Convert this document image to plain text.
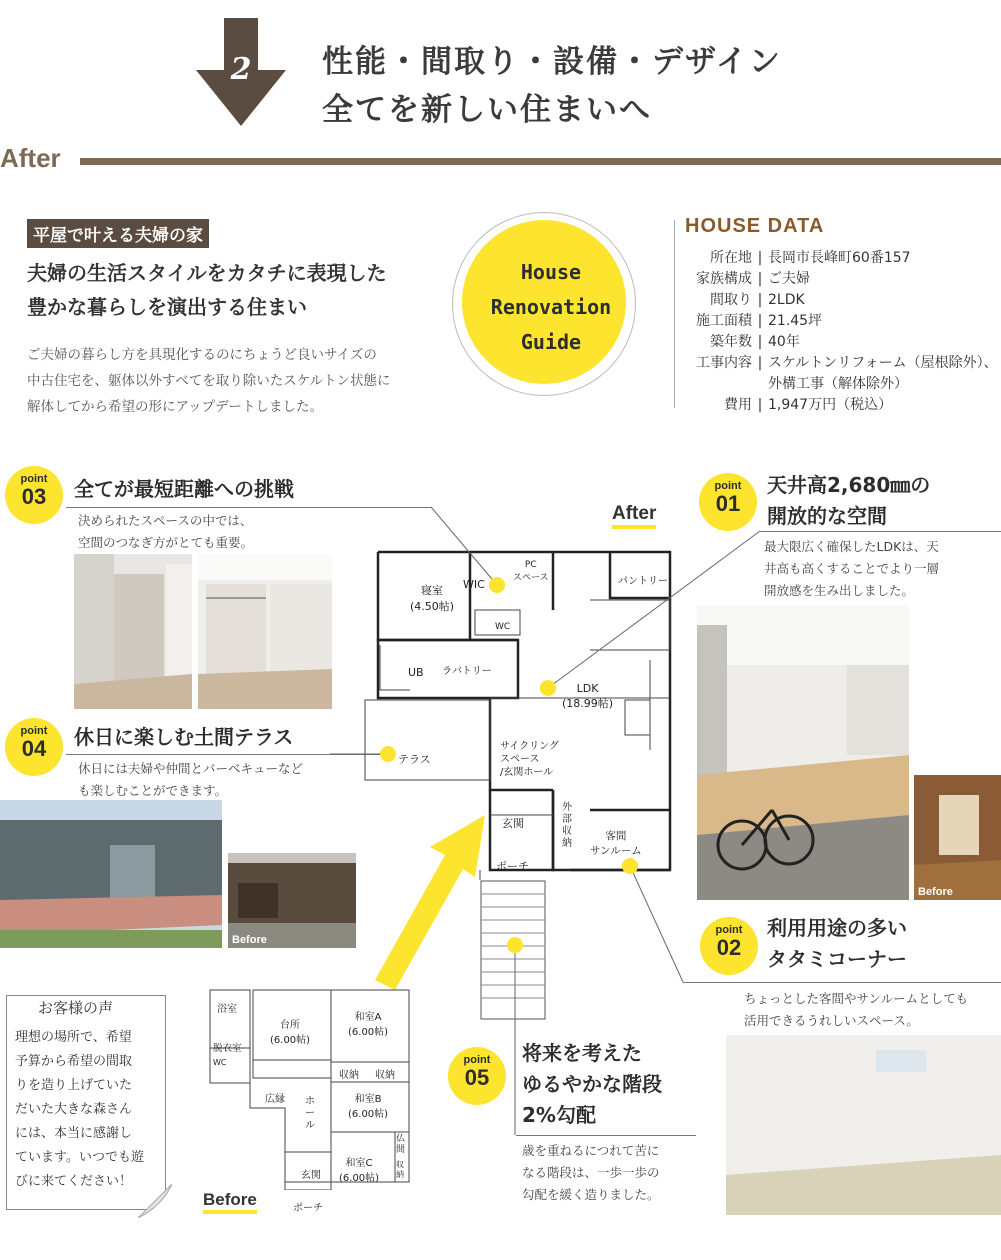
2 性能・間取り・設備・デザイン
全てを新しい住まいへ
After
平屋で叶える夫婦の家
夫婦の生活スタイルをカタチに表現した
豊かな暮らしを演出する住まい
ご夫婦の暮らし方を具現化するのにちょうど良いサイズの
中古住宅を、躯体以外すべてを取り除いたスケルトン状態に
解体してから希望の形にアップデートしました。
House
Renovation
Guide
HOUSE DATA
所在地 | 長岡市長峰町60番157
家族構成 | ご夫婦
間取り | 2LDK
施工面積 | 21.45坪
築年数 | 40年
工事内容 | スケルトンリフォーム（屋根除外）、
外構工事（解体除外）
費用 | 1,947万円（税込）
point
03	全てが最短距離への挑戦
決められたスペースの中では、
空間のつなぎ方がとても重要。
point
04	休日に楽しむ土間テラス
休日には夫婦や仲間とバーベキューなど
も楽しむことができます。
Before
point
01
天井高2,680㎜の
開放的な空間
最大限広く確保したLDKは、天
井高も高くすることでより一層
開放感を生み出しました。
Before
point
02
利用用途の多い
タタミコーナー
ちょっとした客間やサンルームとしても
活用できるうれしいスペース。
point
05
将来を考えた
ゆるやかな階段
2%勾配
歳を重ねるにつれて苦に
なる階段は、一歩一歩の
勾配を緩く造りました。
After
寝室
(4.50帖)
WIC
PC
スペース	パントリー
WC
UB ラバトリー
LDK
(18.99帖)
テラス
サイクリング
スペース
/玄関ホール
玄関
外
部
収
納
客間
サンルーム
ポーチ
浴室
脱衣室
WC
台所
(6.00帖)
和室A
(6.00帖)
収納 収納
広縁 ホール
和室B
(6.00帖)
和室C
(6.00帖)
仏間
収納
玄関
ポーチ
Before
お客様の声
理想の場所で、希望
予算から希望の間取
りを造り上げていた
だいた大きな森さん
には、本当に感謝し
ています。いつでも遊
びに来てください！
